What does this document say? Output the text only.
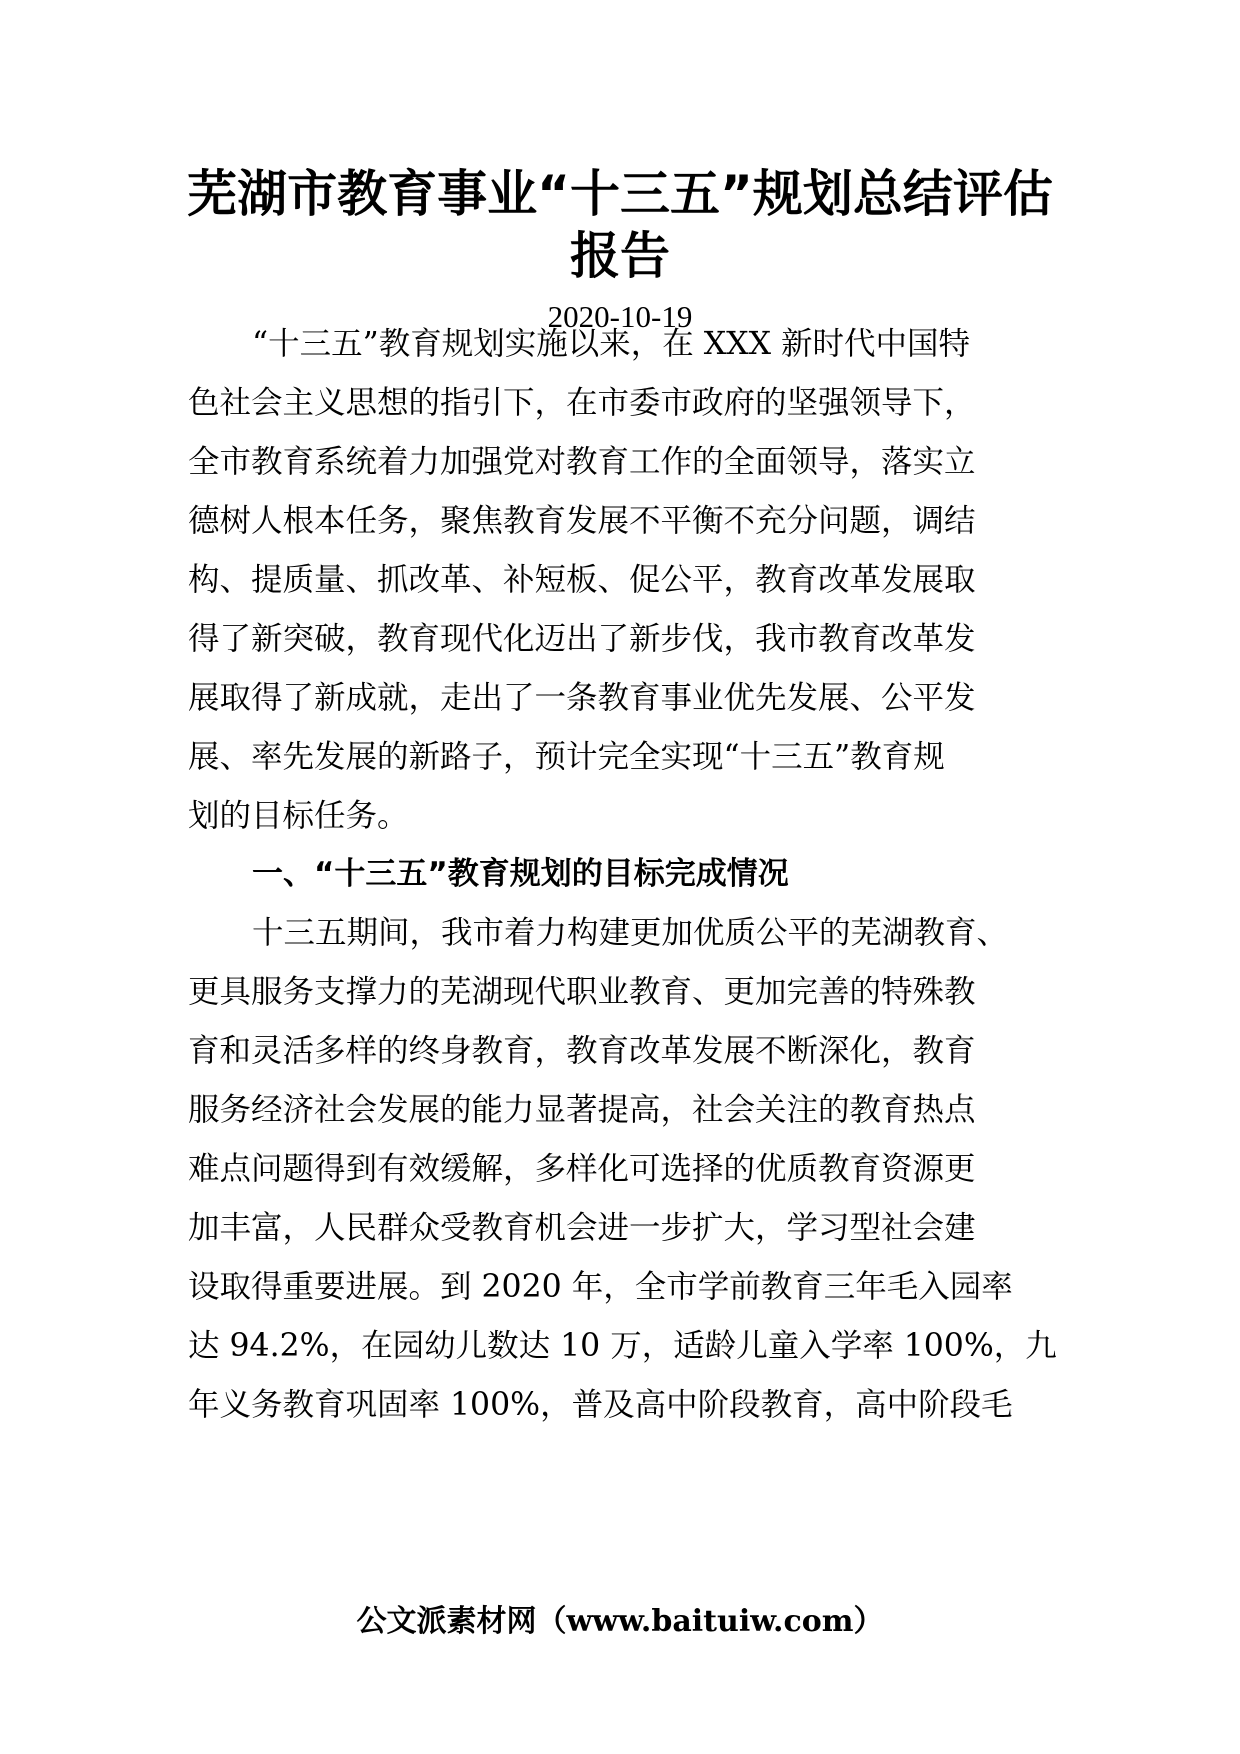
芜湖市教育事业“十三五”规划总结评估
报告
2020-10-19
“十三五”教育规划实施以来，在 XXX 新时代中国特
色社会主义思想的指引下，在市委市政府的坚强领导下，
全市教育系统着力加强党对教育工作的全面领导，落实立
德树人根本任务，聚焦教育发展不平衡不充分问题，调结
构、提质量、抓改革、补短板、促公平，教育改革发展取
得了新突破，教育现代化迈出了新步伐，我市教育改革发
展取得了新成就，走出了一条教育事业优先发展、公平发
展、率先发展的新路子，预计完全实现“十三五”教育规
划的目标任务。
一、“十三五”教育规划的目标完成情况
十三五期间，我市着力构建更加优质公平的芜湖教育、
更具服务支撑力的芜湖现代职业教育、更加完善的特殊教
育和灵活多样的终身教育，教育改革发展不断深化，教育
服务经济社会发展的能力显著提高，社会关注的教育热点
难点问题得到有效缓解，多样化可选择的优质教育资源更
加丰富，人民群众受教育机会进一步扩大，学习型社会建
设取得重要进展。到 2020 年，全市学前教育三年毛入园率
达 94.2%，在园幼儿数达 10 万，适龄儿童入学率 100%，九
年义务教育巩固率 100%，普及高中阶段教育，高中阶段毛
公文派素材网（www.baituiw.com）
